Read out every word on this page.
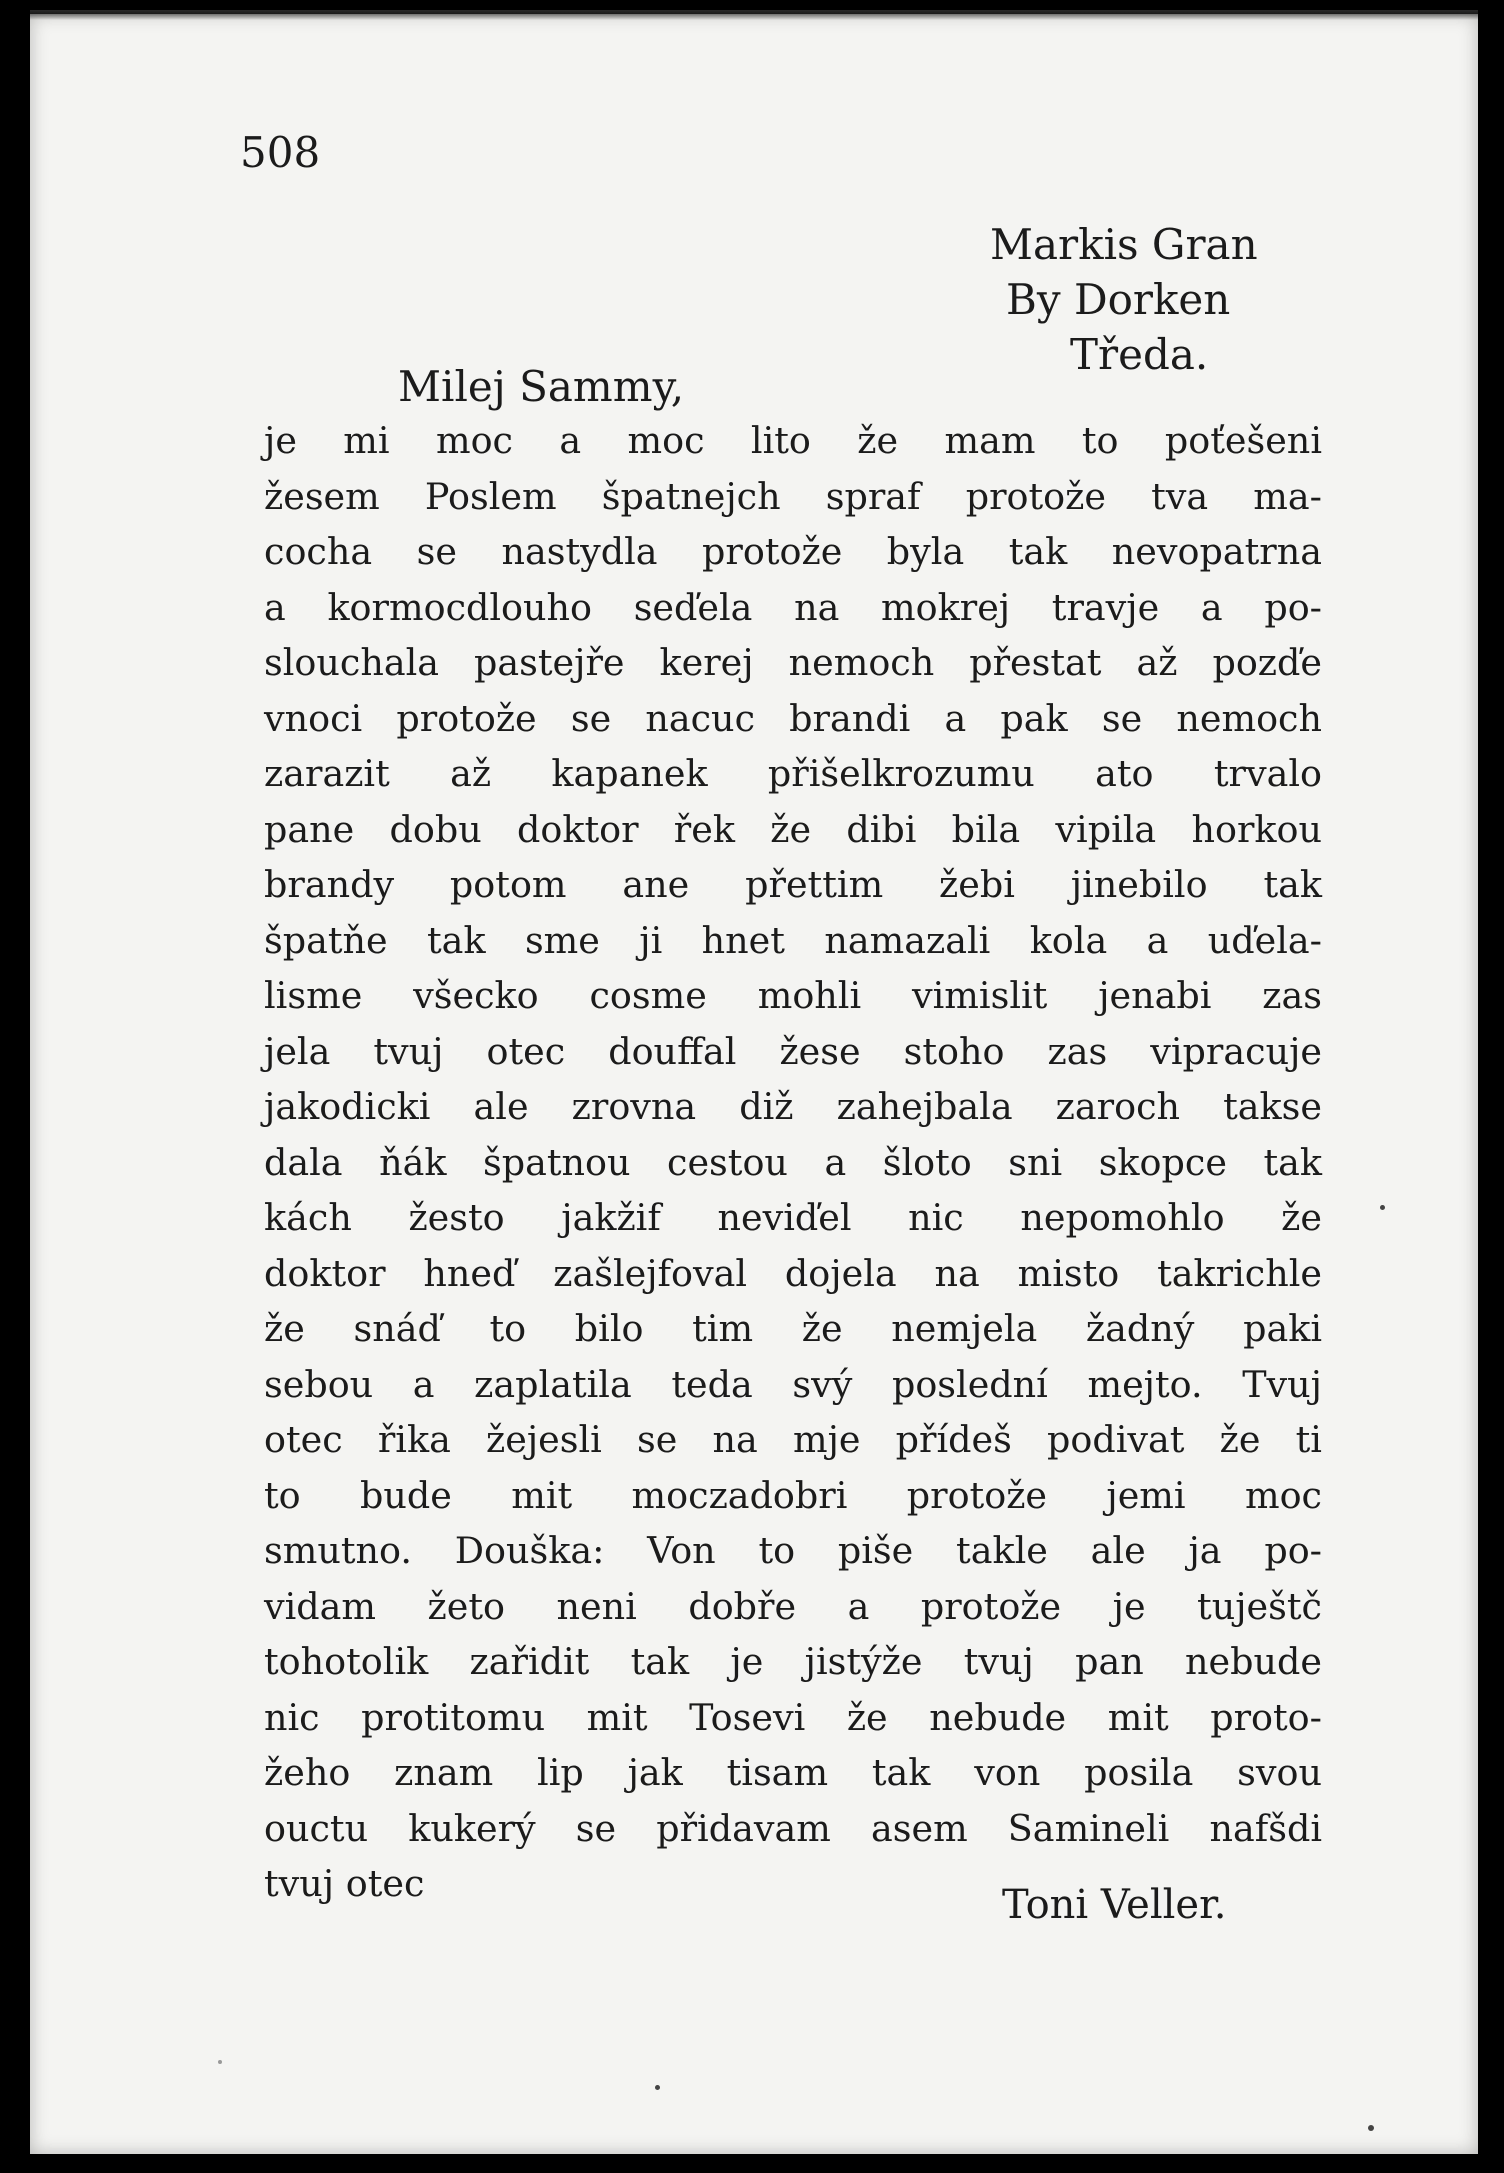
508
Markis Gran
By Dorken
Tředa.
Milej Sammy,
je mi moc a moc lito že mam to poťešeni
žesem Poslem špatnejch spraf protože tva ma-
cocha se nastydla protože byla tak nevopatrna
a kormocdlouho seďela na mokrej travje a po-
slouchala pastejře kerej nemoch přestat až pozďe
vnoci protože se nacuc brandi a pak se nemoch
zarazit až kapanek přišelkrozumu ato trvalo
pane dobu doktor řek že dibi bila vipila horkou
brandy potom ane přettim žebi jinebilo tak
špatňe tak sme ji hnet namazali kola a uďela-
lisme všecko cosme mohli vimislit jenabi zas
jela tvuj otec douffal žese stoho zas vipracuje
jakodicki ale zrovna diž zahejbala zaroch takse
dala ňák špatnou cestou a šloto sni skopce tak
kách žesto jakžif neviďel nic nepomohlo že
doktor hneď zašlejfoval dojela na misto takrichle
že snáď to bilo tim že nemjela žadný paki
sebou a zaplatila teda svý poslední mejto. Tvuj
otec řika žejesli se na mje přídeš podivat že ti
to bude mit moczadobri protože jemi moc
smutno. Douška: Von to piše takle ale ja po-
vidam žeto neni dobře a protože je tuještč
tohotolik zařidit tak je jistýže tvuj pan nebude
nic protitomu mit Tosevi že nebude mit proto-
žeho znam lip jak tisam tak von posila svou
ouctu kukerý se přidavam asem Samineli nafšdi
tvuj otec	Toni Veller.
